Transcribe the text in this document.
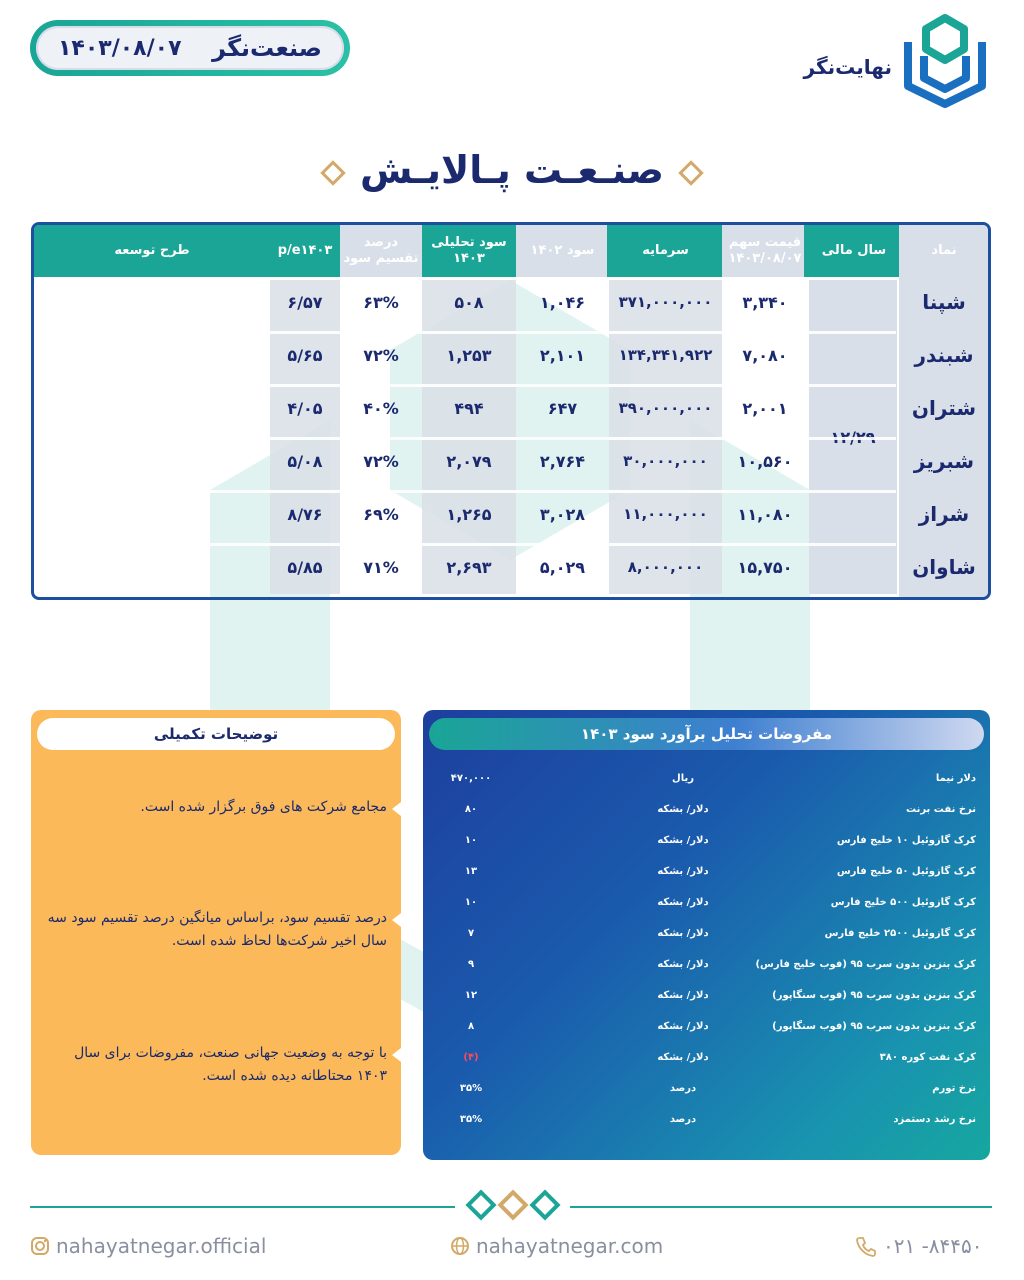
۱۴۰۳/۰۸/۰۷ صنعت‌نگر
نهایت‌نگر
صنـعـت پـالایـش
نماد
سال مالی
قیمت سهم
۱۴۰۳/۰۸/۰۷
سرمایه
سود ۱۴۰۲
سود تحلیلی
۱۴۰۳
درصد
تقسیم سود
p/e۱۴۰۳
طرح توسعه
شپنا
۳,۳۴۰
۳۷۱,۰۰۰,۰۰۰
۱,۰۴۶
۵۰۸
۶۳%
۶/۵۷
شبندر
۷,۰۸۰
۱۳۴,۳۴۱,۹۲۲
۲,۱۰۱
۱,۲۵۳
۷۲%
۵/۶۵
شتران
۲,۰۰۱
۳۹۰,۰۰۰,۰۰۰
۶۴۷
۴۹۴
۴۰%
۴/۰۵
شبریز
۱۰,۵۶۰
۳۰,۰۰۰,۰۰۰
۲,۷۶۴
۲,۰۷۹
۷۲%
۵/۰۸
شراز
۱۱,۰۸۰
۱۱,۰۰۰,۰۰۰
۳,۰۲۸
۱,۲۶۵
۶۹%
۸/۷۶
شاوان
۱۵,۷۵۰
۸,۰۰۰,۰۰۰
۵,۰۲۹
۲,۶۹۳
۷۱%
۵/۸۵
توضیحات تکمیلی
مجامع شرکت های فوق برگزار شده است.
درصد تقسیم سود، براساس میانگین درصد تقسیم سود سه سال اخیر شرکت‌ها لحاظ شده است.
با توجه به وضعیت جهانی صنعت، مفروضات برای سال ۱۴۰۳ محتاطانه دیده شده است.
مفروضات تحلیل برآورد سود ۱۴۰۳
دلار نیما
ریال
۴۷۰,۰۰۰
نرخ نفت برنت
دلار/ بشکه
۸۰
کرک گازوئیل ۱۰ خلیج فارس
دلار/ بشکه
۱۰
کرک گازوئیل ۵۰ خلیج فارس
دلار/ بشکه
۱۳
کرک گازوئیل ۵۰۰ خلیج فارس
دلار/ بشکه
۱۰
کرک گازوئیل ۲۵۰۰ خلیج فارس
دلار/ بشکه
۷
کرک بنزین بدون سرب ۹۵ (فوب خلیج فارس)
دلار/ بشکه
۹
کرک بنزین بدون سرب ۹۵ (فوب سنگاپور)
دلار/ بشکه
۱۲
کرک بنزین بدون سرب ۹۵ (فوب سنگاپور)
دلار/ بشکه
۸
کرک نفت کوره ۳۸۰
دلار/ بشکه
(۴)
نرخ تورم
درصد
۳۵%
نرخ رشد دستمزد
درصد
۳۵%
nahayatnegar.official	nahayatnegar.com	۰۲۱ -۸۴۴۵۰
